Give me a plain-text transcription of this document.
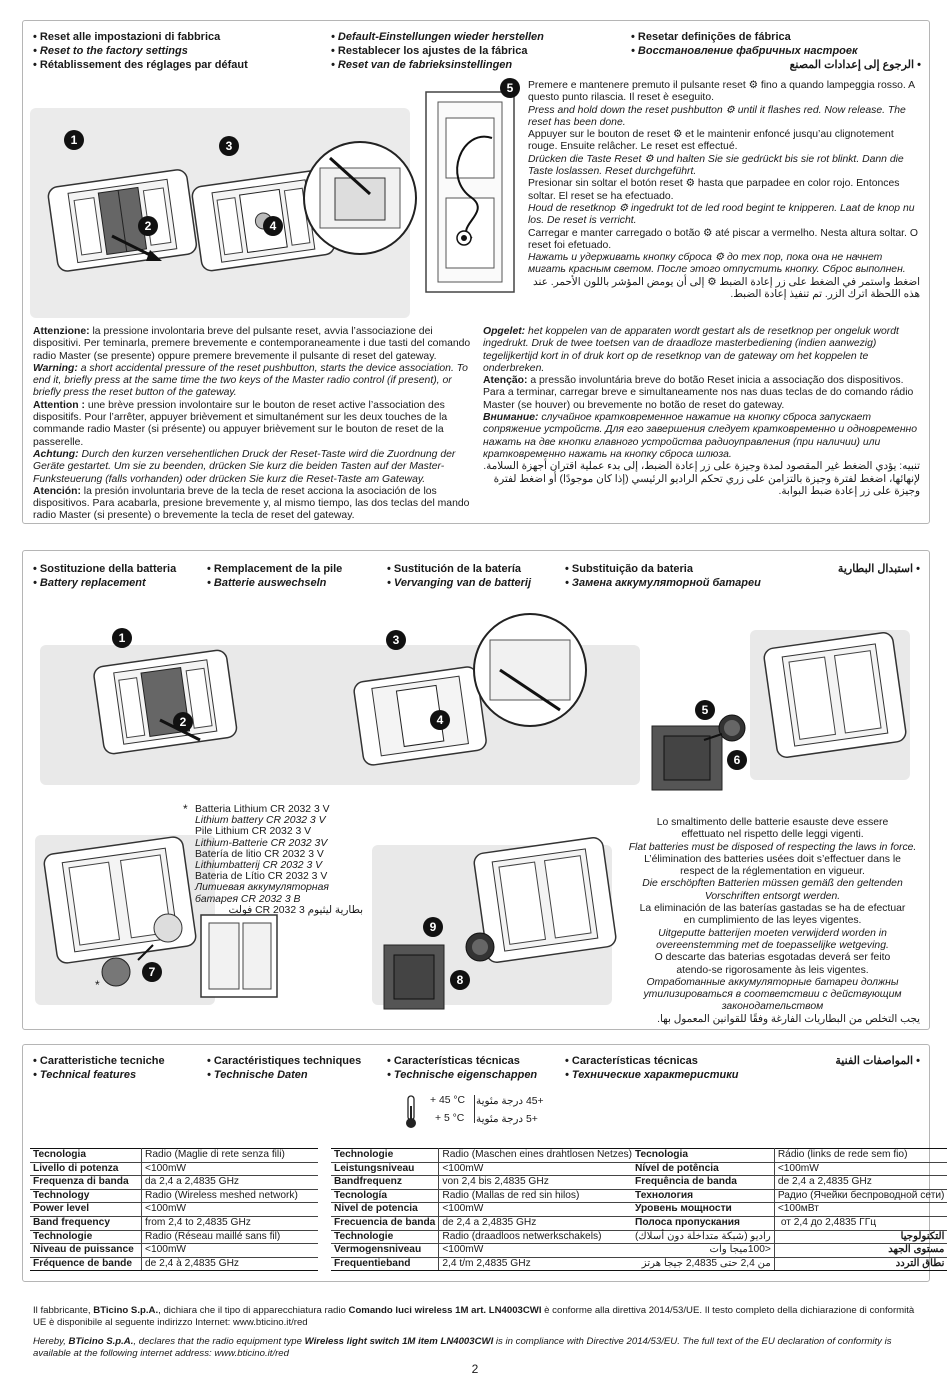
• Reset alle impostazioni di fabbrica
• Reset to the factory settings
• Rétablissement des réglages par défaut
• Default-Einstellungen wieder herstellen
• Restablecer los ajustes de la fábrica
• Reset van de fabrieksinstellingen
• Resetar definições de fábrica
• Восстановление фабричных настроек
• الرجوع إلى إعدادات المصنع
1
2
3
4
5	Premere e mantenere premuto il pulsante reset ⚙ fino a quando lampeggia rosso. A questo punto rilascia. Il reset è eseguito.

Press and hold down the reset pushbutton ⚙ until it flashes red. Now release. The reset has been done.

Appuyer sur le bouton de reset ⚙ et le maintenir enfoncé jusqu’au clignotement rouge. Ensuite relâcher. Le reset est effectué.

Drücken die Taste Reset ⚙ und halten Sie sie gedrückt bis sie rot blinkt. Dann die Taste loslassen. Reset durchgeführt.

Presionar sin soltar el botón reset ⚙ hasta que parpadee en color rojo. Entonces soltar. El reset se ha efectuado.

Houd de resetknop ⚙ ingedrukt tot de led rood begint te knipperen. Laat de knop nu los. De reset is verricht.

Carregar e manter carregado o botão ⚙ até piscar a vermelho. Nesta altura soltar. O reset foi efetuado.

Нажать и удерживать кнопку сброса ⚙ до тех пор, пока она не начнет мигать красным светом. После этого отпустить кнопку. Сброс выполнен.

اضغط واستمر في الضغط على زر إعادة الضبط ⚙ إلى أن يومض المؤشر باللون الأحمر. عند هذه اللحظة اترك الزر. تم تنفيذ إعادة الضبط.

Attenzione: la pressione involontaria breve del pulsante reset, avvia l’associazione dei dispositivi. Per teminarla, premere brevemente e contemporaneamente i due tasti del comando radio Master (se presente) oppure premere brevemente il pulsante di reset del gateway.

Warning: a short accidental pressure of the reset pushbutton, starts the device association. To end it, briefly press at the same time the two keys of the Master radio control (if present), or briefly press the reset button of the gateway.

Attention : une brève pression involontaire sur le bouton de reset active l’association des dispositifs. Pour l’arrêter, appuyer brièvement et simultanément sur les deux touches de la commande radio Master (si présente) ou appuyer brièvement sur le bouton de reset de la passerelle.

Achtung: Durch den kurzen versehentlichen Druck der Reset-Taste wird die Zuordnung der Geräte gestartet. Um sie zu beenden, drücken Sie kurz die beiden Tasten auf der Master-Funksteuerung (falls vorhanden) oder drücken Sie kurz die Reset-Taste am Gateway.

Atención: la presión involuntaria breve de la tecla de reset acciona la asociación de los dispositivos. Para acabarla, presione brevemente y, al mismo tiempo, las dos teclas del mando radio Master (si presente) o brevemente la tecla de reset del gateway.

Opgelet: het koppelen van de apparaten wordt gestart als de resetknop per ongeluk wordt ingedrukt. Druk de twee toetsen van de draadloze masterbediening (indien aanwezig) tegelijkertijd kort in of druk kort op de resetknop van de gateway om het koppelen te onderbreken.

Atenção: a pressão involuntária breve do botão Reset inicia a associação dos dispositivos. Para a terminar, carregar breve e simultaneamente nos nas duas teclas de do comando rádio Master (se houver) ou brevemente no botão de reset do gateway.

Внимание: случайное кратковременное нажатие на кнопку сброса запускает сопряжение устройств. Для его завершения следует кратковременно и одновременно нажать на две кнопки главного устройства радиоуправления (при наличии) или кратковременно нажать на кнопку сброса шлюза.

تنبيه: يؤدي الضغط غير المقصود لمدة وجيزة على زر إعادة الضبط، إلى بدء عملية اقتران أجهزة السلامة. لإنهائها، اضغط لفترة وجيزة بالتزامن على زري تحكم الراديو الرئيسي (إذا كان موجودًا) أو اضغط لفترة وجيزة على زر إعادة ضبط البوابة.

• Sostituzione della batteria
• Battery replacement
• Remplacement de la pile
• Batterie auswechseln
• Sustitución de la batería
• Vervanging van de batterij
• Substituição da bateria
• Замена аккумуляторной батареи
• استبدال البطارية
1
2
3
4
5
6
7
*
* Batteria Lithium CR 2032 3 V
Lithium battery CR 2032 3 V
Pile Lithium CR 2032 3 V
Lithium-Batterie CR 2032 3V
Batería de litio CR 2032 3 V
Lithiumbatterij CR 2032 3 V
Bateria de Lítio CR 2032 3 V
Литиевая аккумуляторная
батарея CR 2032 3 В
بطارية ليثيوم CR 2032 3 فولت
9
8
Lo smaltimento delle batterie esauste deve essere
effettuato nel rispetto delle leggi vigenti.
Flat batteries must be disposed of respecting the laws in force.
L’élimination des batteries usées doit s’effectuer dans le
respect de la réglementation en vigueur.
Die erschöpften Batterien müssen gemäß den geltenden
Vorschriften entsorgt werden.
La eliminación de las baterías gastadas se ha de efectuar
en cumplimiento de las leyes vigentes.
Uitgeputte batterijen moeten verwijderd worden in
overeenstemming met de toepasselijke wetgeving.
O descarte das baterias esgotadas deverá ser feito
atendo-se rigorosamente às leis vigentes.
Отработанные аккумуляторные батареи должны
утилизироваться в соответствии с действующим
законодательством
يجب التخلص من البطاريات الفارغة وفقًا للقوانين المعمول بها.
• Caratteristiche tecniche
• Technical features
• Caractéristiques techniques
• Technische Daten
• Características técnicas
• Technische eigenschappen
• Características técnicas
• Технические характеристики
• المواصفات الفنية
+ 45 °C
+ 5 °C
+45 درجة مئوية
+5 درجة مئوية
Tecnologia	Radio (Maglie di rete senza fili)
Livello di potenza	<100mW
Frequenza di banda	da 2,4 a 2,4835 GHz
Technology	Radio (Wireless meshed network)
Power level	<100mW
Band frequency	from 2,4 to 2,4835 GHz
Technologie	Radio (Réseau maillé sans fil)
Niveau de puissance	<100mW
Fréquence de bande	de 2,4 à 2,4835 GHz
Technologie	Radio (Maschen eines drahtlosen Netzes)
Leistungsniveau	<100mW
Bandfrequenz	von 2,4 bis 2,4835 GHz
Tecnología	Radio (Mallas de red sin hilos)
Nivel de potencia	<100mW
Frecuencia de banda	de 2,4 a 2,4835 GHz
Technologie	Radio (draadloos netwerkschakels)
Vermogensniveau	<100mW
Frequentieband	2,4 t/m 2,4835 GHz
Tecnologia	Rádio (links de rede sem fio)
Nível de potência	<100mW
Frequência de banda	de 2,4 a 2,4835 GHz
Технология	Радио (Ячейки беспроводной сети)
Уровень мощности	<100мВт
Полоса пропускания	от 2,4 до 2,4835 ГГц
راديو (شبكة متداخلة دون أسلاك)	التكنولوجيا
<100ميجا وات	مستوى الجهد
من 2,4 حتى 2,4835 جيجا هرتز	نطاق التردد
Il fabbricante, BTicino S.p.A., dichiara che il tipo di apparecchiatura radio Comando luci wireless 1M art. LN4003CWI è conforme alla direttiva 2014/53/UE. Il testo completo della dichiarazione di conformità UE è disponibile al seguente indirizzo Internet: www.bticino.it/red
Hereby, BTicino S.p.A., declares that the radio equipment type Wireless light switch 1M item LN4003CWI is in compliance with Directive 2014/53/EU. The full text of the EU declaration of conformity is available at the following internet address: www.bticino.it/red
2
